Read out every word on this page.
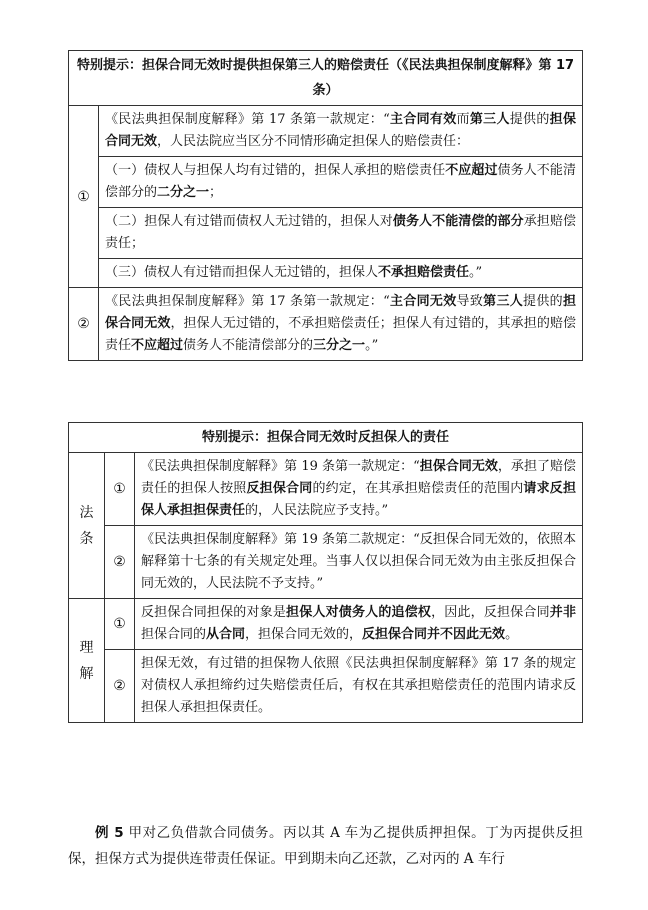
特别提示：担保合同无效时提供担保第三人的赔偿责任（《民法典担保制度解释》第 17 条）	
①	《民法典担保制度解释》第 17 条第一款规定：“主合同有效而第三人提供的担保合同无效，人民法院应当区分不同情形确定担保人的赔偿责任：
	（一）债权人与担保人均有过错的，担保人承担的赔偿责任不应超过债务人不能清偿部分的二分之一；
	（二）担保人有过错而债权人无过错的，担保人对债务人不能清偿的部分承担赔偿责任；
	（三）债权人有过错而担保人无过错的，担保人不承担赔偿责任。”
②	《民法典担保制度解释》第 17 条第一款规定：“主合同无效导致第三人提供的担保合同无效，担保人无过错的，不承担赔偿责任；担保人有过错的，其承担的赔偿责任不应超过债务人不能清偿部分的三分之一。”
特别提示：担保合同无效时反担保人的责任		

法条	①	《民法典担保制度解释》第 19 条第一款规定：“担保合同无效，承担了赔偿责任的担保人按照反担保合同的约定，在其承担赔偿责任的范围内请求反担保人承担担保责任的，人民法院应予支持。”
	②	《民法典担保制度解释》第 19 条第二款规定：“反担保合同无效的，依照本解释第十七条的有关规定处理。当事人仅以担保合同无效为由主张反担保合同无效的，人民法院不予支持。”

理解	①	反担保合同担保的对象是担保人对债务人的追偿权，因此，反担保合同并非担保合同的从合同，担保合同无效的，反担保合同并不因此无效。
	②	担保无效，有过错的担保物人依照《民法典担保制度解释》第 17 条的规定对债权人承担缔约过失赔偿责任后，有权在其承担赔偿责任的范围内请求反担保人承担担保责任。
例 5 甲对乙负借款合同债务。丙以其 A 车为乙提供质押担保。丁为丙提供反担保，担保方式为提供连带责任保证。甲到期未向乙还款，乙对丙的 A 车行
